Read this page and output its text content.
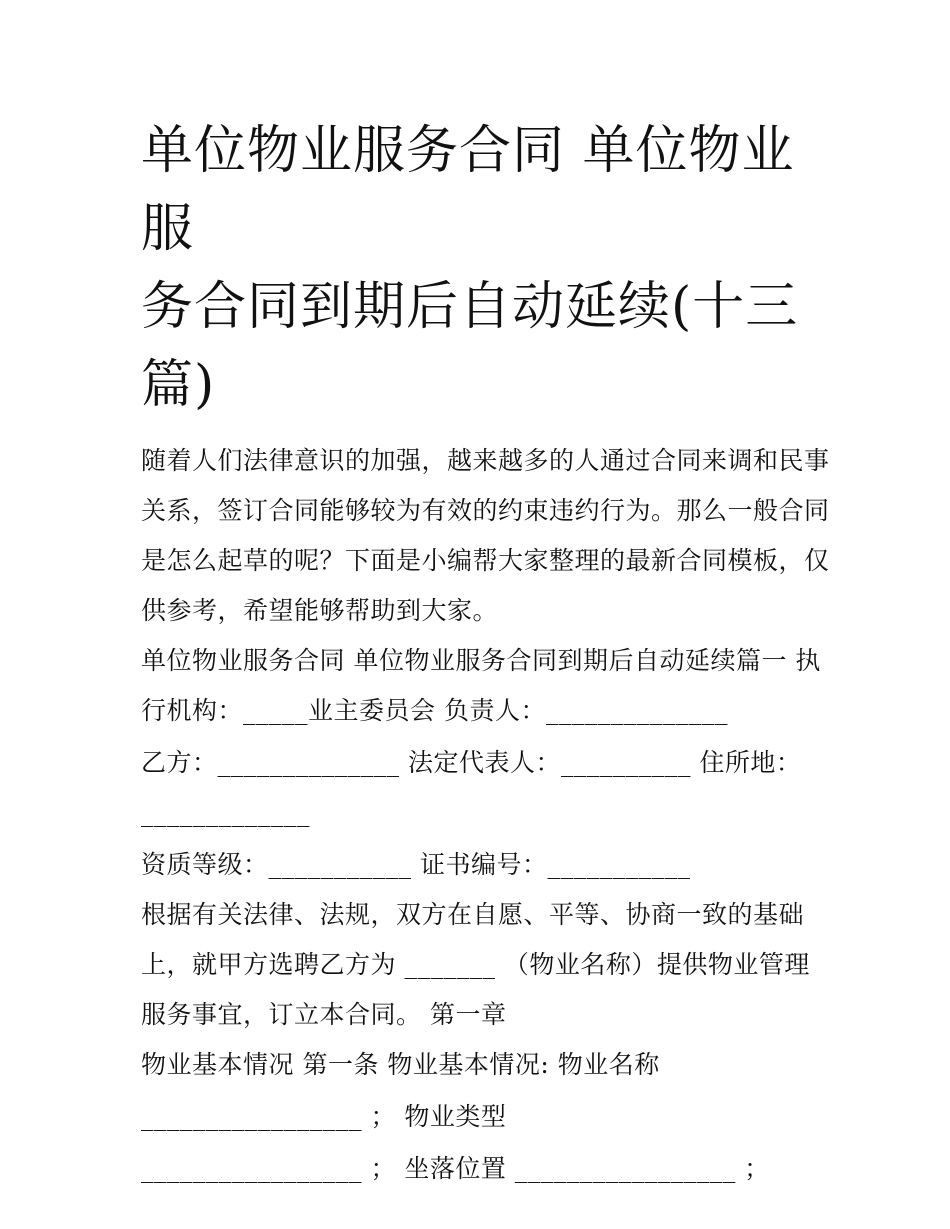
单位物业服务合同 单位物业服
务合同到期后自动延续(十三
篇)
随着人们法律意识的加强，越来越多的人通过合同来调和民事
关系，签订合同能够较为有效的约束违约行为。那么一般合同
是怎么起草的呢？下面是小编帮大家整理的最新合同模板，仅
供参考，希望能够帮助到大家。
单位物业服务合同 单位物业服务合同到期后自动延续篇一 执
行机构：_____业主委员会 负责人：______________
乙方：______________ 法定代表人：__________ 住所地：
_____________
资质等级：___________ 证书编号：___________
根据有关法律、法规，双方在自愿、平等、协商一致的基础
上，就甲方选聘乙方为 _______ （物业名称）提供物业管理
服务事宜，订立本合同。 第一章
物业基本情况 第一条 物业基本情况: 物业名称
_________________ ； 物业类型
_________________ ； 坐落位置 _________________ ；
